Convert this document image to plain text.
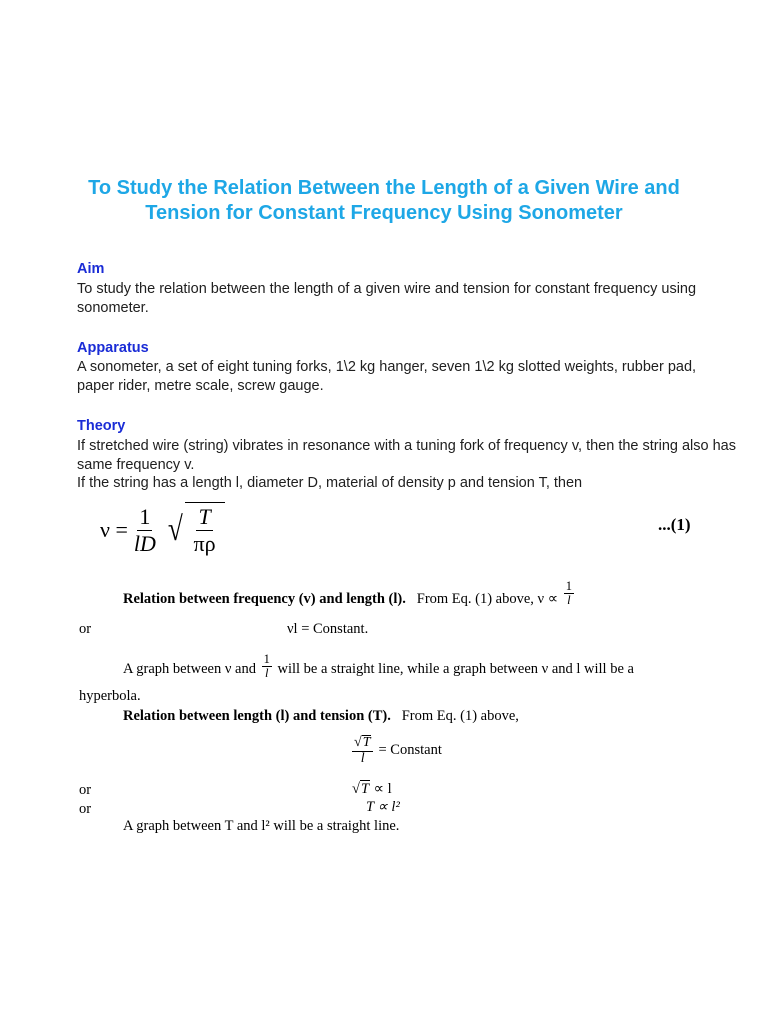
To Study the Relation Between the Length of a Given Wire and Tension for Constant Frequency Using Sonometer
Aim

To study the relation between the length of a given wire and tension for constant frequency using sonometer.

Apparatus

A sonometer, a set of eight tuning forks, 1\2 kg hanger, seven 1\2 kg slotted weights, rubber pad, paper rider, metre scale, screw gauge.

Theory

If stretched wire (string) vibrates in resonance with a tuning fork of frequency v, then the string also has same frequency v.

If the string has a length l, diameter D, material of density p and tension T, then

$\nu = \frac{1}{lD}$ √ $\frac{T}{\pi\rho}$	...(1)

Relation between frequency (v) and length (l). From Eq. (1) above, $\nu \propto \frac{1}{l}$

or	νl = Constant.

A graph between ν and $\frac{1}{l}$ will be a straight line, while a graph between ν and l will be a

hyperbola.

Relation between length (l) and tension (T). From Eq. (1) above,

$\frac{√T}{l}$ = Constant

or	√T ∝ l

or	T ∝ l²

A graph between T and l² will be a straight line.
